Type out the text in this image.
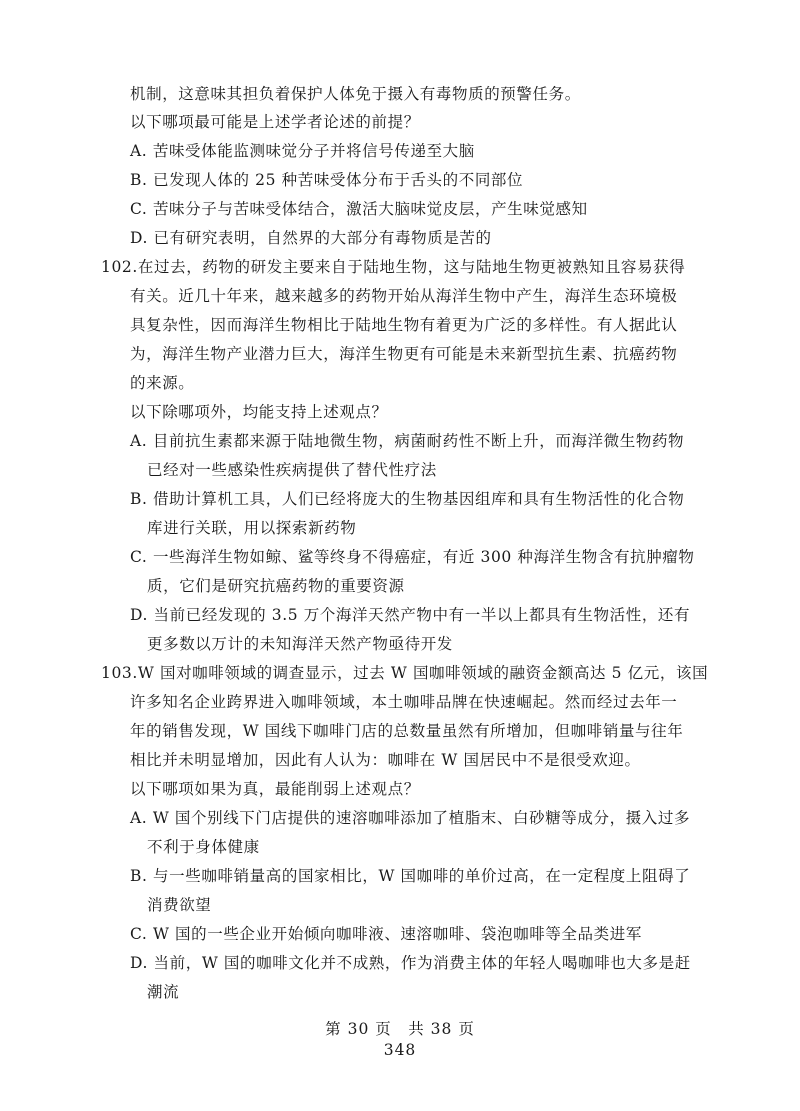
机制，这意味其担负着保护人体免于摄入有毒物质的预警任务。
以下哪项最可能是上述学者论述的前提？
A. 苦味受体能监测味觉分子并将信号传递至大脑
B. 已发现人体的 25 种苦味受体分布于舌头的不同部位
C. 苦味分子与苦味受体结合，激活大脑味觉皮层，产生味觉感知
D. 已有研究表明，自然界的大部分有毒物质是苦的
102.在过去，药物的研发主要来自于陆地生物，这与陆地生物更被熟知且容易获得
有关。近几十年来，越来越多的药物开始从海洋生物中产生，海洋生态环境极
具复杂性，因而海洋生物相比于陆地生物有着更为广泛的多样性。有人据此认
为，海洋生物产业潜力巨大，海洋生物更有可能是未来新型抗生素、抗癌药物
的来源。
以下除哪项外，均能支持上述观点？
A. 目前抗生素都来源于陆地微生物，病菌耐药性不断上升，而海洋微生物药物
已经对一些感染性疾病提供了替代性疗法
B. 借助计算机工具，人们已经将庞大的生物基因组库和具有生物活性的化合物
库进行关联，用以探索新药物
C. 一些海洋生物如鲸、鲨等终身不得癌症，有近 300 种海洋生物含有抗肿瘤物
质，它们是研究抗癌药物的重要资源
D. 当前已经发现的 3.5 万个海洋天然产物中有一半以上都具有生物活性，还有
更多数以万计的未知海洋天然产物亟待开发
103.W 国对咖啡领域的调查显示，过去 W 国咖啡领域的融资金额高达 5 亿元，该国
许多知名企业跨界进入咖啡领域，本土咖啡品牌在快速崛起。然而经过去年一
年的销售发现，W 国线下咖啡门店的总数量虽然有所增加，但咖啡销量与往年
相比并未明显增加，因此有人认为：咖啡在 W 国居民中不是很受欢迎。
以下哪项如果为真，最能削弱上述观点？
A. W 国个别线下门店提供的速溶咖啡添加了植脂末、白砂糖等成分，摄入过多
不利于身体健康
B. 与一些咖啡销量高的国家相比，W 国咖啡的单价过高，在一定程度上阻碍了
消费欲望
C. W 国的一些企业开始倾向咖啡液、速溶咖啡、袋泡咖啡等全品类进军
D. 当前，W 国的咖啡文化并不成熟，作为消费主体的年轻人喝咖啡也大多是赶
潮流
第 30 页　共 38 页
348
